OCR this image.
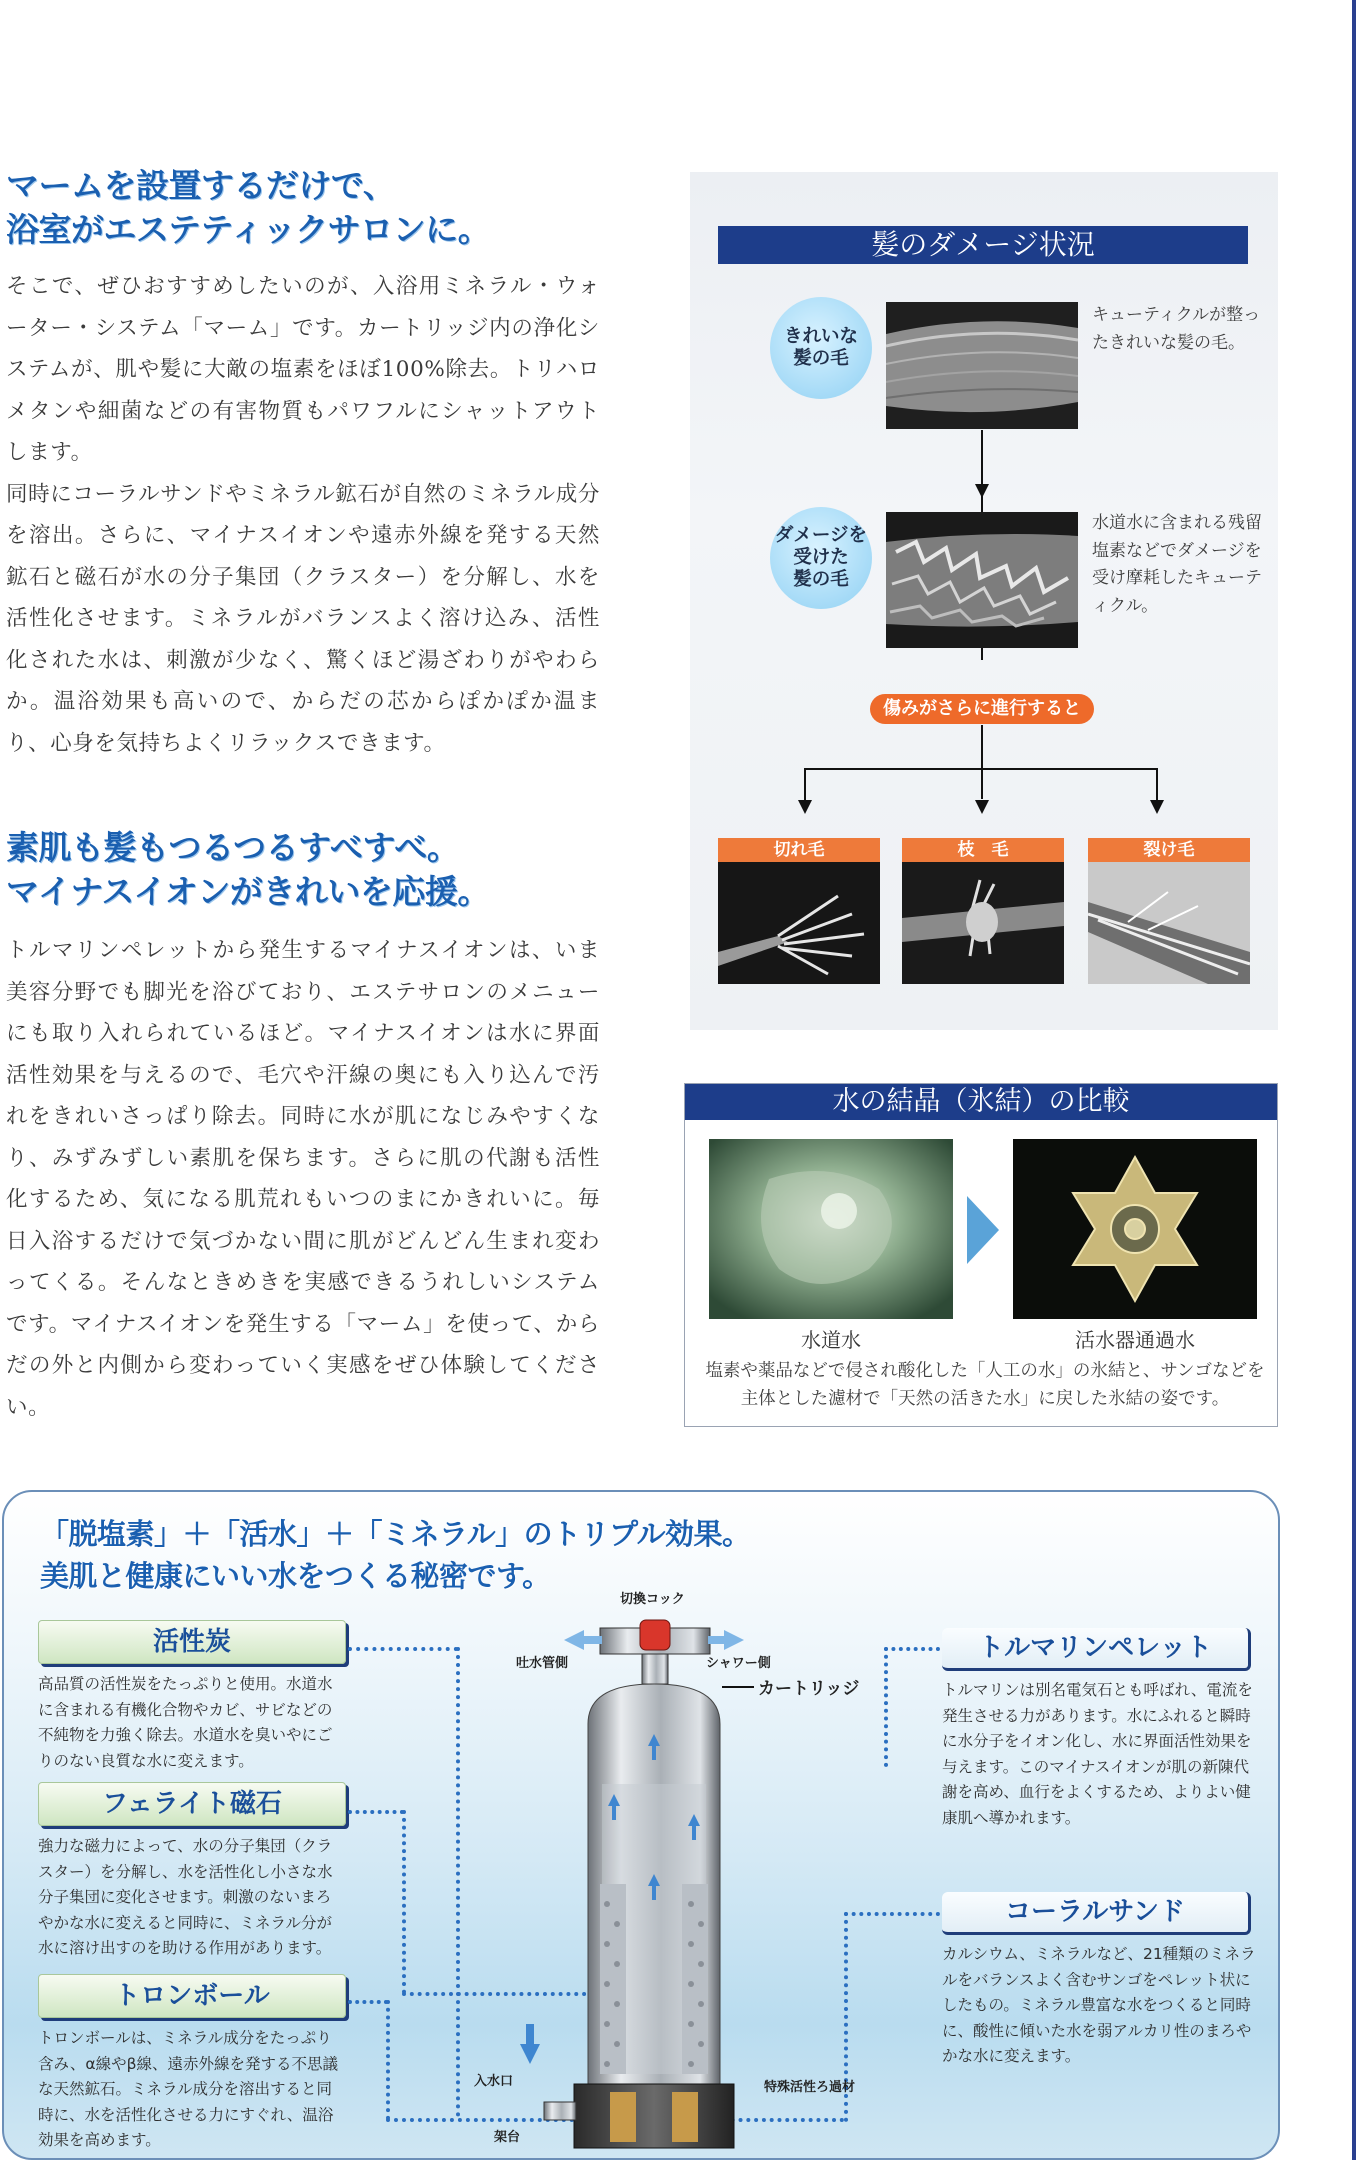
マームを設置するだけで、
浴室がエステティックサロンに。

そこで、ぜひおすすめしたいのが、入浴用ミネラル・ウォーター・システム「マーム」です。カートリッジ内の浄化システムが、肌や髪に大敵の塩素をほぼ100%除去。トリハロメタンや細菌などの有害物質もパワフルにシャットアウトします。

同時にコーラルサンドやミネラル鉱石が自然のミネラル成分を溶出。さらに、マイナスイオンや遠赤外線を発する天然鉱石と磁石が水の分子集団（クラスター）を分解し、水を活性化させます。ミネラルがバランスよく溶け込み、活性化された水は、刺激が少なく、驚くほど湯ざわりがやわらか。温浴効果も高いので、からだの芯からぽかぽか温まり、心身を気持ちよくリラックスできます。

素肌も髪もつるつるすべすべ。
マイナスイオンがきれいを応援。

トルマリンペレットから発生するマイナスイオンは、いま美容分野でも脚光を浴びており、エステサロンのメニューにも取り入れられているほど。マイナスイオンは水に界面活性効果を与えるので、毛穴や汗線の奥にも入り込んで汚れをきれいさっぱり除去。同時に水が肌になじみやすくなり、みずみずしい素肌を保ちます。さらに肌の代謝も活性化するため、気になる肌荒れもいつのまにかきれいに。毎日入浴するだけで気づかない間に肌がどんどん生まれ変わってくる。そんなときめきを実感できるうれしいシステムです。マイナスイオンを発生する「マーム」を使って、からだの外と内側から変わっていく実感をぜひ体験してください。

髪のダメージ状況
きれいな
髪の毛
キューティクルが整ったきれいな髪の毛。
ダメージを
受けた
髪の毛
水道水に含まれる残留塩素などでダメージを受け摩耗したキューティクル。
傷みがさらに進行すると
切れ毛	枝　毛	裂け毛
水の結晶（氷結）の比較
水道水	活水器通過水
塩素や薬品などで侵され酸化した「人工の水」の氷結と、サンゴなどを主体とした濾材で「天然の活きた水」に戻した氷結の姿です。
「脱塩素」＋「活水」＋「ミネラル」のトリプル効果。
美肌と健康にいい水をつくる秘密です。
活性炭
高品質の活性炭をたっぷりと使用。水道水に含まれる有機化合物やカビ、サビなどの不純物を力強く除去。水道水を臭いやにごりのない良質な水に変えます。
フェライト磁石
強力な磁力によって、水の分子集団（クラスター）を分解し、水を活性化し小さな水分子集団に変化させます。刺激のないまろやかな水に変えると同時に、ミネラル分が水に溶け出すのを助ける作用があります。
トロンボール
トロンボールは、ミネラル成分をたっぷり含み、α線やβ線、遠赤外線を発する不思議な天然鉱石。ミネラル成分を溶出すると同時に、水を活性化させる力にすぐれ、温浴効果を高めます。
トルマリンペレット
トルマリンは別名電気石とも呼ばれ、電流を発生させる力があります。水にふれると瞬時に水分子をイオン化し、水に界面活性効果を与えます。このマイナスイオンが肌の新陳代謝を高め、血行をよくするため、よりよい健康肌へ導かれます。
コーラルサンド
カルシウム、ミネラルなど、21種類のミネラルをバランスよく含むサンゴをペレット状にしたもの。ミネラル豊富な水をつくると同時に、酸性に傾いた水を弱アルカリ性のまろやかな水に変えます。
切換コック
吐水管側	シャワー側
カートリッジ
入水口
架台
特殊活性ろ過材
